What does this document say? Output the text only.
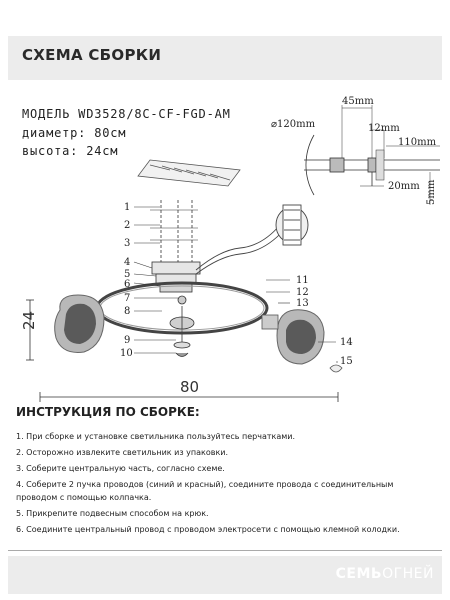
СХЕМА СБОРКИ
МОДЕЛЬ WD3528/8C-CF-FGD-AM
диаметр: 80см
высота: 24см
45mm
⌀120mm	12mm
110mm
20mm 5mm
24
80
1
2
3
4
5
6
7
8
9
10
11
12
13
14
15
ИНСТРУКЦИЯ ПО СБОРКЕ:
1. При сборке и установке светильника пользуйтесь перчатками.
2. Осторожно извлеките светильник из упаковки.
3. Соберите центральную часть, согласно схеме.
4. Соберите 2 пучка проводов (синий и красный), соедините провода с соединительным
проводом с помощью колпачка.
5. Прикрепите подвесным способом на крюк.
6. Соедините центральный провод с проводом электросети с помощью клемной колодки.
СЕМЬОГНЕЙ
